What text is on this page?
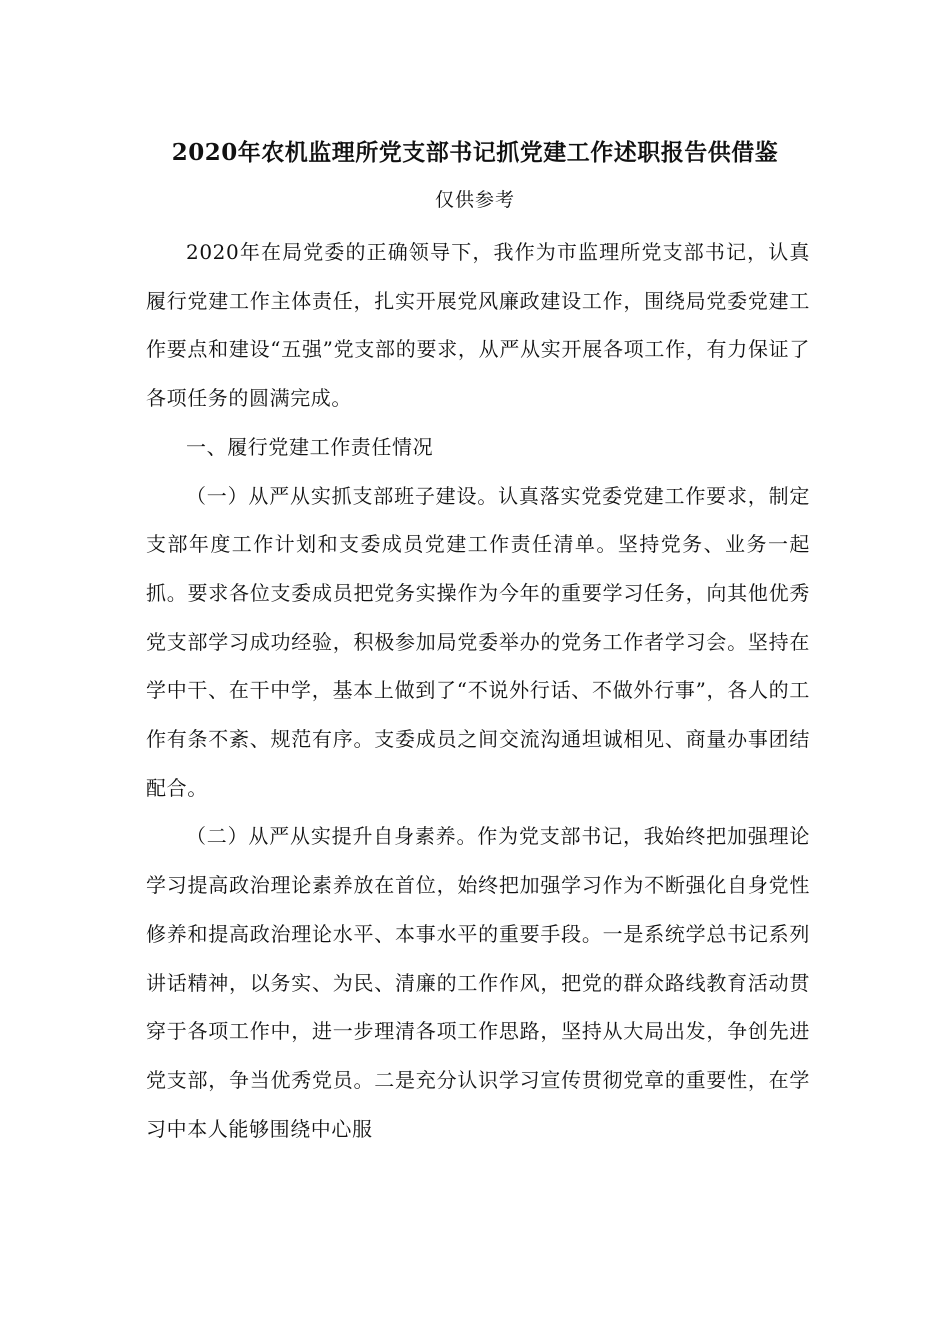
2020年农机监理所党支部书记抓党建工作述职报告供借鉴
仅供参考

2020年在局党委的正确领导下，我作为市监理所党支部书记，认真履行党建工作主体责任，扎实开展党风廉政建设工作，围绕局党委党建工作要点和建设“五强”党支部的要求，从严从实开展各项工作，有力保证了各项任务的圆满完成。

一、履行党建工作责任情况

（一）从严从实抓支部班子建设。认真落实党委党建工作要求，制定支部年度工作计划和支委成员党建工作责任清单。坚持党务、业务一起抓。要求各位支委成员把党务实操作为今年的重要学习任务，向其他优秀党支部学习成功经验，积极参加局党委举办的党务工作者学习会。坚持在学中干、在干中学，基本上做到了“不说外行话、不做外行事”，各人的工作有条不紊、规范有序。支委成员之间交流沟通坦诚相见、商量办事团结配合。

（二）从严从实提升自身素养。作为党支部书记，我始终把加强理论学习提高政治理论素养放在首位，始终把加强学习作为不断强化自身党性修养和提高政治理论水平、本事水平的重要手段。一是系统学总书记系列讲话精神，以务实、为民、清廉的工作作风，把党的群众路线教育活动贯穿于各项工作中，进一步理清各项工作思路，坚持从大局出发，争创先进党支部，争当优秀党员。二是充分认识学习宣传贯彻党章的重要性，在学习中本人能够围绕中心服
